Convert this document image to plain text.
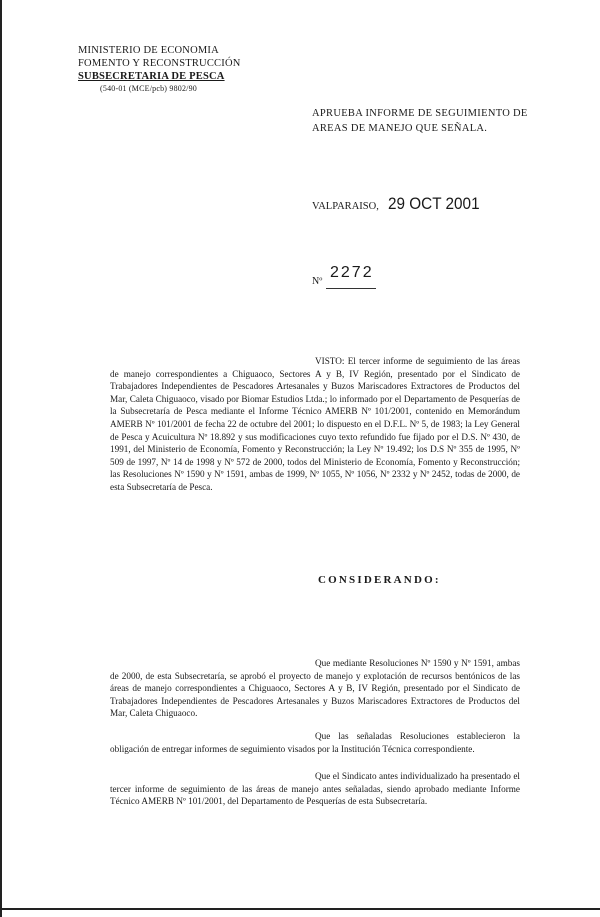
MINISTERIO DE ECONOMIA
FOMENTO Y RECONSTRUCCIÓN
SUBSECRETARIA DE PESCA
(540-01 (MCE/pcb) 9802/90
APRUEBA INFORME DE SEGUIMIENTO DE
AREAS DE MANEJO QUE SEÑALA.
VALPARAISO, 29 OCT 2001
Nº
2272
VISTO: El tercer informe de seguimiento de las áreas de manejo correspondientes a Chiguaoco, Sectores A y B, IV Región, presentado por el Sindicato de Trabajadores Independientes de Pescadores Artesanales y Buzos Mariscadores Extractores de Productos del Mar, Caleta Chiguaoco, visado por Biomar Estudios Ltda.; lo informado por el Departamento de Pesquerías de la Subsecretaría de Pesca mediante el Informe Técnico AMERB Nº 101/2001, contenido en Memorándum AMERB Nº 101/2001 de fecha 22 de octubre del 2001; lo dispuesto en el D.F.L. Nº 5, de 1983; la Ley General de Pesca y Acuicultura Nº 18.892 y sus modificaciones cuyo texto refundido fue fijado por el D.S. Nº 430, de 1991, del Ministerio de Economía, Fomento y Reconstrucción; la Ley Nº 19.492; los D.S Nº 355 de 1995, Nº 509 de 1997, Nº 14 de 1998 y Nº 572 de 2000, todos del Ministerio de Economía, Fomento y Reconstrucción; las Resoluciones Nº 1590 y Nº 1591, ambas de 1999, Nº 1055, Nº 1056, Nº 2332 y Nº 2452, todas de 2000, de esta Subsecretaría de Pesca.
CONSIDERANDO:
Que mediante Resoluciones Nº 1590 y Nº 1591, ambas de 2000, de esta Subsecretaría, se aprobó el proyecto de manejo y explotación de recursos bentónicos de las áreas de manejo correspondientes a Chiguaoco, Sectores A y B, IV Región, presentado por el Sindicato de Trabajadores Independientes de Pescadores Artesanales y Buzos Mariscadores Extractores de Productos del Mar, Caleta Chiguaoco.
Que las señaladas Resoluciones establecieron la obligación de entregar informes de seguimiento visados por la Institución Técnica correspondiente.
Que el Sindicato antes individualizado ha presentado el tercer informe de seguimiento de las áreas de manejo antes señaladas, siendo aprobado mediante Informe Técnico AMERB Nº 101/2001, del Departamento de Pesquerías de esta Subsecretaría.
